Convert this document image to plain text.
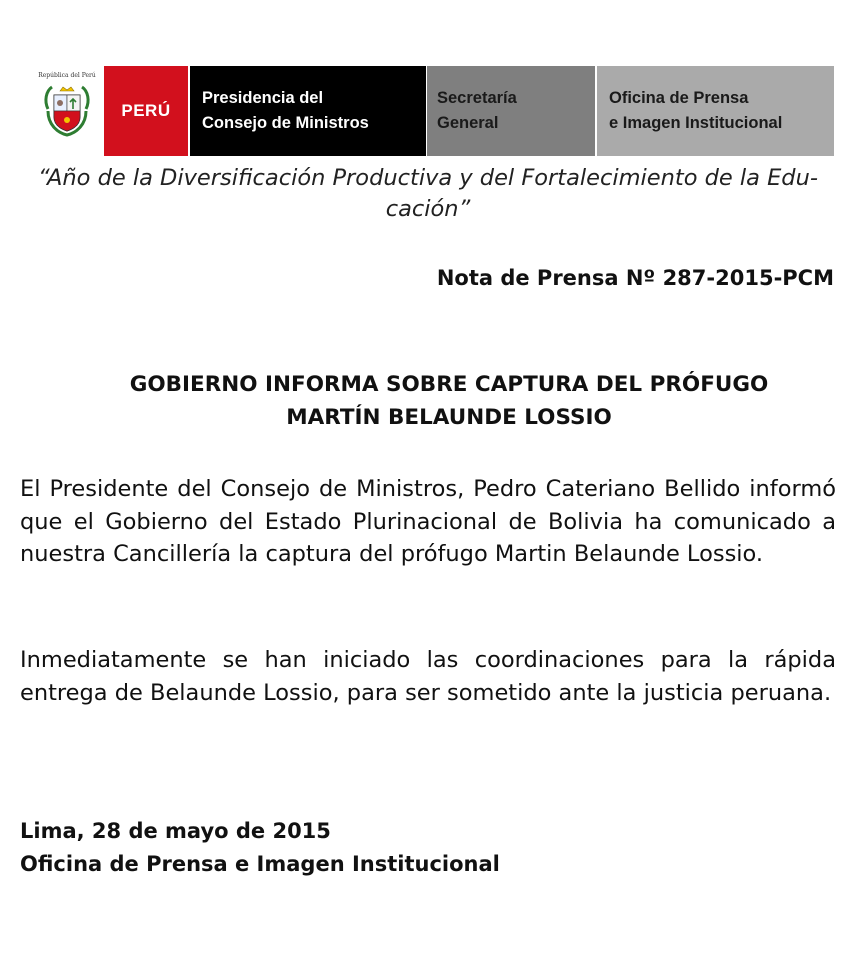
República del Perú
PERÚ
Presidencia del
Consejo de Ministros
Secretaría
General
Oficina de Prensa
e Imagen Institucional
“Año de la Diversificación Productiva y del Fortalecimiento de la Edu-
cación”
Nota de Prensa Nº 287-2015-PCM
GOBIERNO INFORMA SOBRE CAPTURA DEL PRÓFUGO
MARTÍN BELAUNDE LOSSIO
El Presidente del Consejo de Ministros, Pedro Cateriano Bellido informó que el Gobierno del Estado Plurinacional de Bolivia ha comunicado a nuestra Cancillería la captura del prófugo Martin Belaunde Lossio.
Inmediatamente se han iniciado las coordinaciones para la rápida entrega de Belaunde Lossio, para ser sometido ante la justicia peruana.
Lima, 28 de mayo de 2015
Oficina de Prensa e Imagen Institucional
